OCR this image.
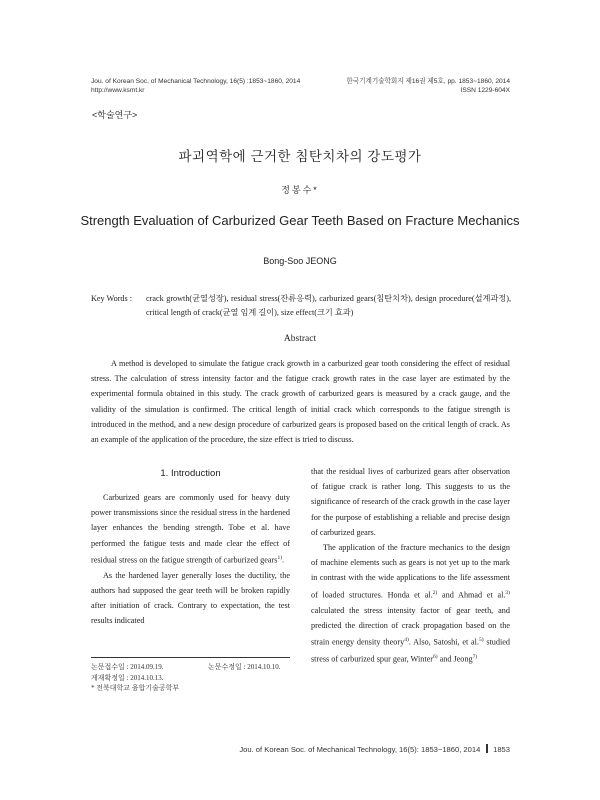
Jou. of Korean Soc. of Mechanical Technology, 16(5) :1853~1860, 2014
http://www.ksmt.kr
한국기계기술학회지 제16권 제5호, pp. 1853~1860, 2014
ISSN 1229-604X
<학술연구>
파괴역학에 근거한 침탄치차의 강도평가
정봉수*
Strength Evaluation of Carburized Gear Teeth Based on Fracture Mechanics
Bong-Soo JEONG
Key Words :	crack growth(균열성장), residual stress(잔류응력), carburized gears(침탄치차), design procedure(설계과정), critical length of crack(균열 임계 길이), size effect(크기 효과)
Abstract
A method is developed to simulate the fatigue crack growth in a carburized gear tooth considering the effect of residual stress. The calculation of stress intensity factor and the fatigue crack growth rates in the case layer are estimated by the experimental formula obtained in this study. The crack growth of carburized gears is measured by a crack gauge, and the validity of the simulation is confirmed. The critical length of initial crack which corresponds to the fatigue strength is introduced in the method, and a new design procedure of carburized gears is proposed based on the critical length of crack. As an example of the application of the procedure, the size effect is tried to discuss.
1. Introduction

Carburized gears are commonly used for heavy duty power transmissions since the residual stress in the hardened layer enhances the bending strength. Tobe et al. have performed the fatigue tests and made clear the effect of residual stress on the fatigue strength of carburized gears$^{1)}$.

As the hardened layer generally loses the ductility, the authors had supposed the gear teeth will be broken rapidly after initiation of crack. Contrary to expectation, the test results indicated

that the residual lives of carburized gears after observation of fatigue crack is rather long. This suggests to us the significance of research of the crack growth in the case layer for the purpose of establishing a reliable and precise design of carburized gears.

The application of the fracture mechanics to the design of machine elements such as gears is not yet up to the mark in contrast with the wide applications to the life assessment of loaded structures. Honda et al.$^{2)}$ and Ahmad et al.$^{3)}$ calculated the stress intensity factor of gear teeth, and predicted the direction of crack propagation based on the strain energy density theory$^{4)}$. Also, Satoshi, et al.$^{5)}$ studied stress of carburized spur gear, Winter$^{6)}$ and Jeong$^{7)}$

논문접수일 : 2014.09.19.	논문수정일 : 2014.10.10.
게재확정일 : 2014.10.13.
* 전북대학교 융합기술공학부
Jou. of Korean Soc. of Mechanical Technology, 16(5): 1853~1860, 2014 1853
